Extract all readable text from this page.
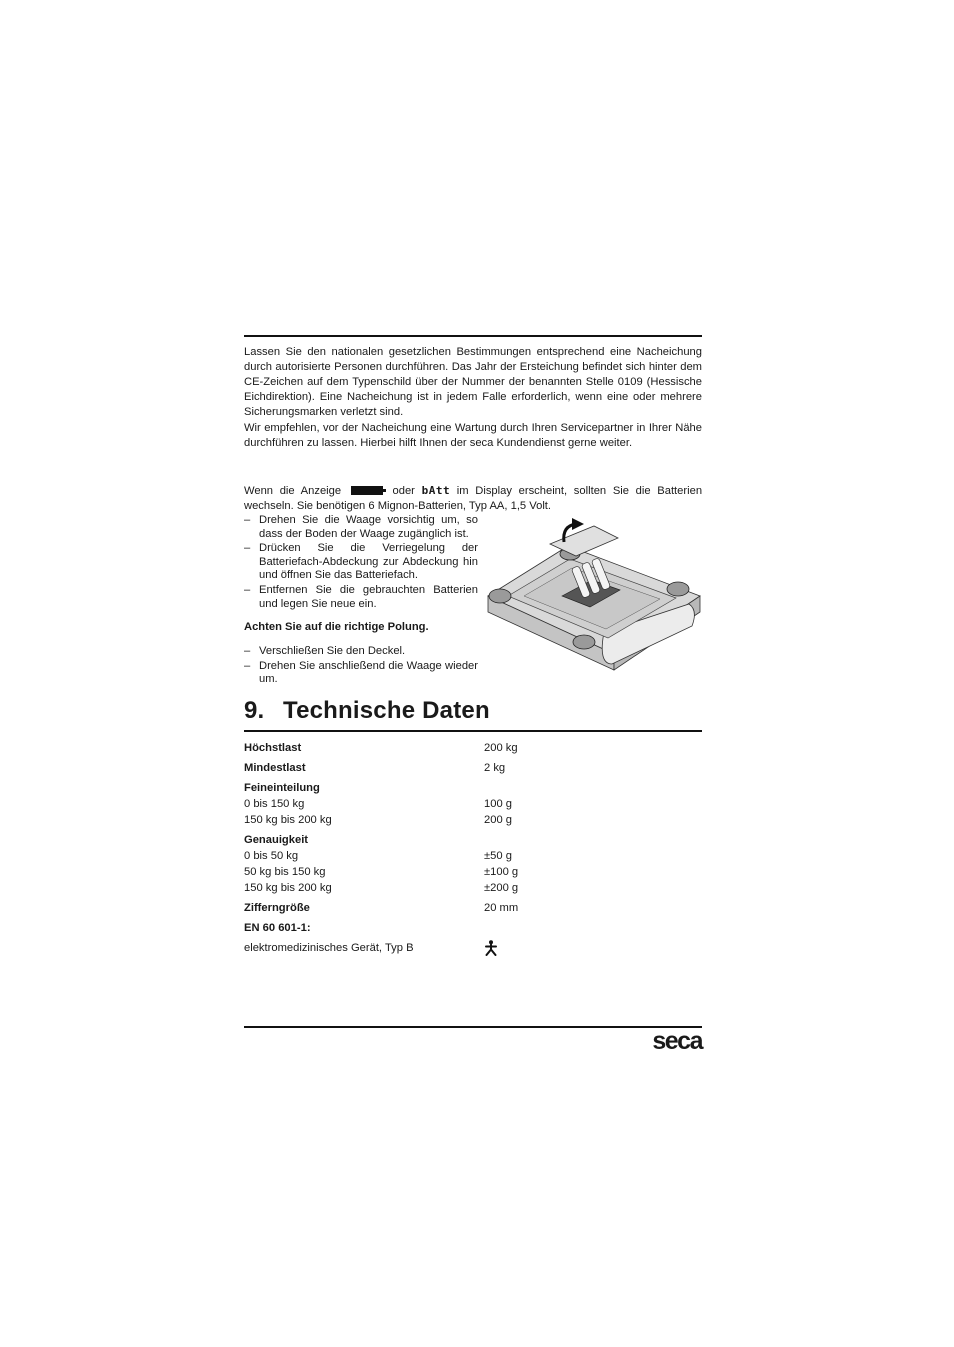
Lassen Sie den nationalen gesetzlichen Bestimmungen entsprechend eine Nacheichung durch autorisierte Personen durchführen. Das Jahr der Ersteichung befindet sich hinter dem CE-Zeichen auf dem Typenschild über der Nummer der benannten Stelle 0109 (Hessische Eichdirektion). Eine Nacheichung ist in jedem Falle erforderlich, wenn eine oder mehrere Sicherungsmarken verletzt sind.

Wir empfehlen, vor der Nacheichung eine Wartung durch Ihren Servicepartner in Ihrer Nähe durchführen zu lassen. Hierbei hilft Ihnen der seca Kundendienst gerne weiter.

Wenn die Anzeige	oder bAtt im Display erscheint, sollten Sie die Batterien wechseln. Sie benötigen 6 Mignon-Batterien, Typ AA, 1,5 Volt.

– Drehen Sie die Waage vorsichtig um, so dass der Boden der Waage zugänglich ist.
– Drücken Sie die Verriegelung der Batteriefach-Abdeckung zur Abdeckung hin und öffnen Sie das Batteriefach.
– Entfernen Sie die gebrauchten Batterien und legen Sie neue ein.

Achten Sie auf die richtige Polung.

– Verschließen Sie den Deckel.
– Drehen Sie anschließend die Waage wieder um.
9. Technische Daten
Höchstlast	200 kg
Mindestlast	2 kg
Feineinteilung
0 bis 150 kg	100 g
150 kg bis 200 kg	200 g
Genauigkeit
0 bis 50 kg	±50 g
50 kg bis 150 kg	±100 g
150 kg bis 200 kg	±200 g
Zifferngröße	20 mm
EN 60 601-1:
elektromedizinisches Gerät, Typ B
seca
